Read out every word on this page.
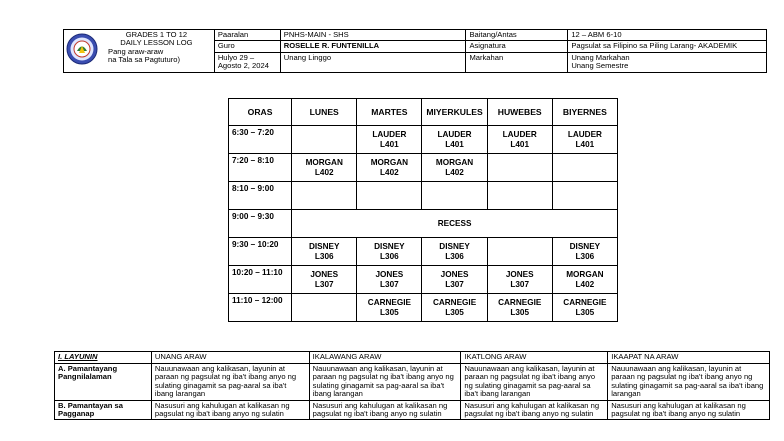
GRADES 1 TO 12
DAILY LESSON LOG
Pang araw-araw
na Tala sa Pagtuturo)	Paaralan	PNHS-MAIN - SHS	Baitang/Antas	12 – ABM 6-10
	Guro	ROSELLE R. FUNTENILLA	Asignatura	Pagsulat sa Filipino sa Piling Larang- AKADEMIK

	Hulyo 29 –
Agosto 2, 2024	Unang Linggo	Markahan	Unang Markahan
Unang Semestre
ORAS	LUNES	MARTES	MIYERKULES	HUWEBES	BIYERNES
6:30 – 7:20		LAUDER
L401	LAUDER
L401	LAUDER
L401	LAUDER
L401

7:20 – 8:10	MORGAN
L402	MORGAN
L402	MORGAN
L402		

8:10 – 9:00	

9:00 – 9:30	RECESS				
9:30 – 10:20	DISNEY
L306	DISNEY
L306	DISNEY
L306		DISNEY
L306

10:20 – 11:10	JONES
L307	JONES
L307	JONES
L307	JONES
L307	MORGAN
L402

11:10 – 12:00		CARNEGIE
L305	CARNEGIE
L305	CARNEGIE
L305	CARNEGIE
L305
I. LAYUNIN	UNANG ARAW	IKALAWANG ARAW	IKATLONG ARAW	IKAAPAT NA ARAW

A. Pamantayang
Pangnilalaman	Nauunawaan ang kalikasan, layunin at paraan ng pagsulat ng iba't ibang anyo ng sulating ginagamit sa pag-aaral sa iba't ibang larangan	Nauunawaan ang kalikasan, layunin at paraan ng pagsulat ng iba't ibang anyo ng sulating ginagamit sa pag-aaral sa iba't ibang larangan	Nauunawaan ang kalikasan, layunin at paraan ng pagsulat ng iba't ibang anyo ng sulating ginagamit sa pag-aaral sa iba't ibang larangan	Nauunawaan ang kalikasan, layunin at paraan ng pagsulat ng iba't ibang anyo ng sulating ginagamit sa pag-aaral sa iba't ibang larangan

B. Pamantayan sa
Pagganap	Nasusuri ang kahulugan at kalikasan ng pagsulat ng iba't ibang anyo ng sulatin	Nasusuri ang kahulugan at kalikasan ng pagsulat ng iba't ibang anyo ng sulatin	Nasusuri ang kahulugan at kalikasan ng pagsulat ng iba't ibang anyo ng sulatin	Nasusuri ang kahulugan at kalikasan ng pagsulat ng iba't ibang anyo ng sulatin
